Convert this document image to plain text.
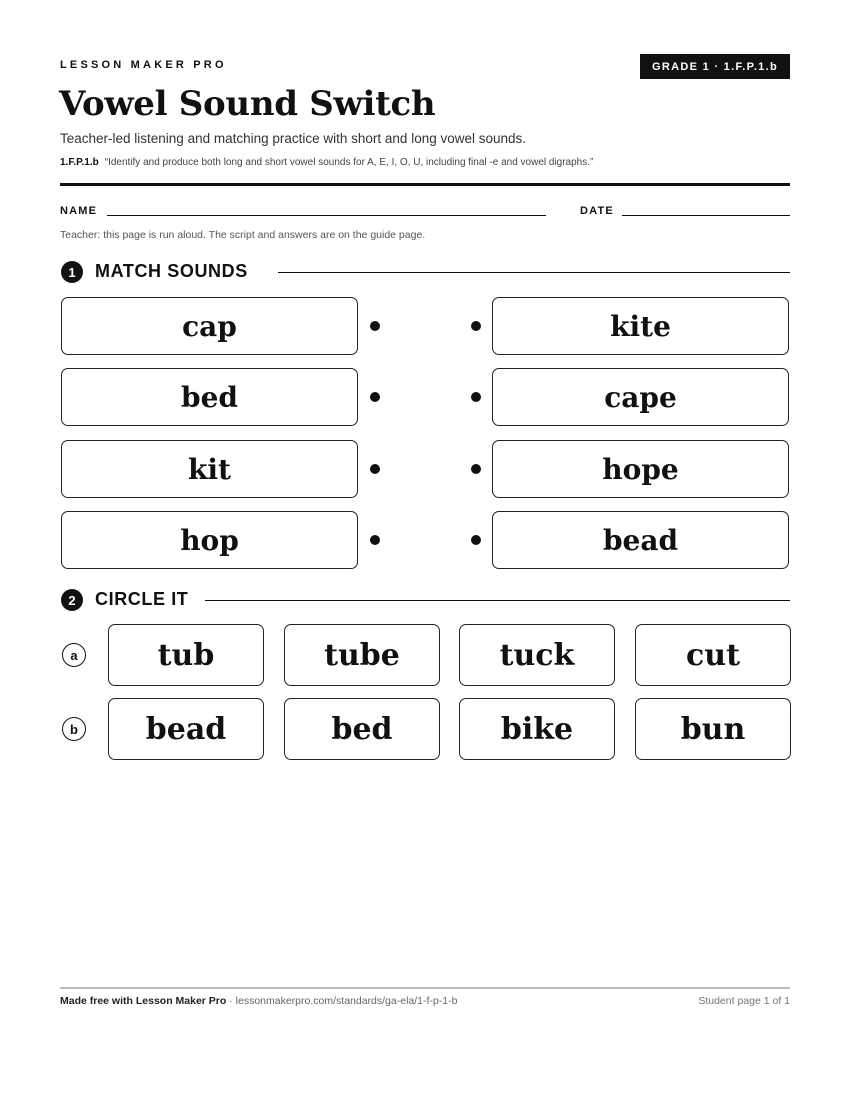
LESSON MAKER PRO	GRADE 1 · 1.F.P.1.b
Vowel Sound Switch
Teacher-led listening and matching practice with short and long vowel sounds.
1.F.P.1.b “Identify and produce both long and short vowel sounds for A, E, I, O, U, including final -e and vowel digraphs.”
NAME	DATE
Teacher: this page is run aloud. The script and answers are on the guide page.
1	MATCH SOUNDS
cap	kite
bed	cape
kit	hope
hop	bead
2	CIRCLE IT
a	tub	tube	tuck	cut
b	bead	bed	bike	bun
Made free with Lesson Maker Pro · lessonmakerpro.com/standards/ga-ela/1-f-p-1-b	Student page 1 of 1
